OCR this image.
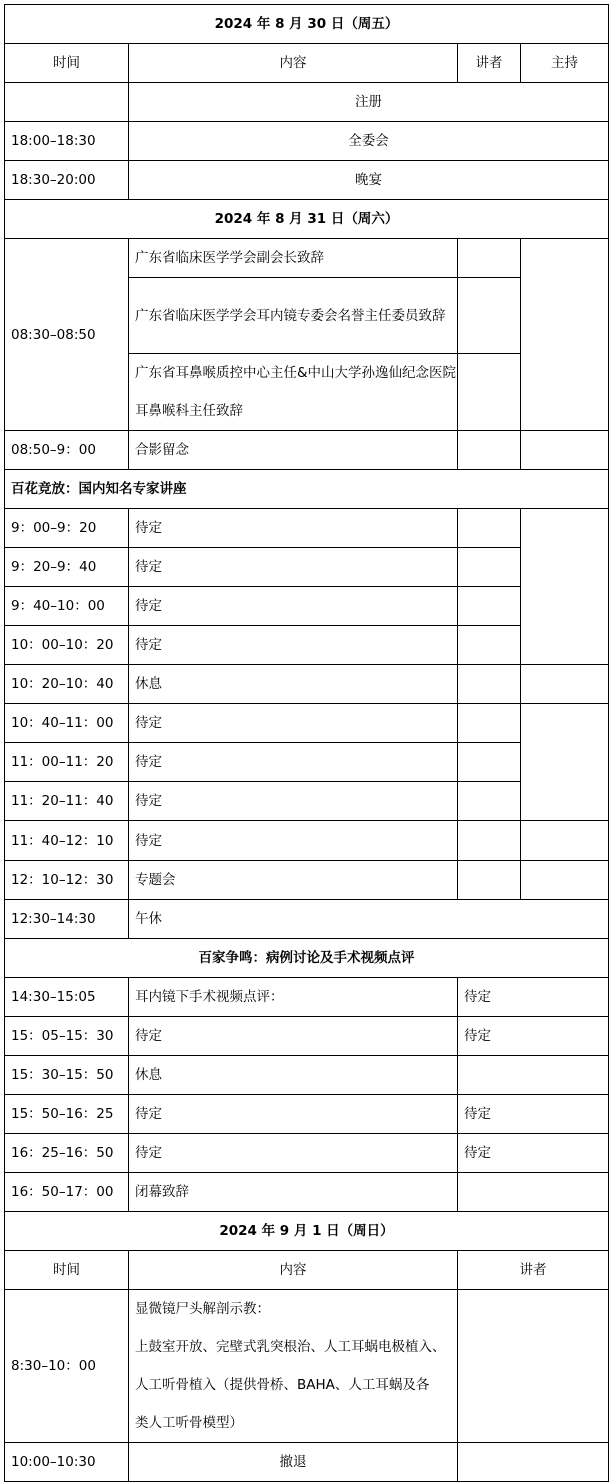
2024 年 8 月 30 日（周五）			
时间	内容	讲者	主持
	注册		
18:00–18:30	全委会		
18:30–20:00	晚宴		
2024 年 8 月 31 日（周六）			
08:30–08:50	广东省临床医学学会副会长致辞		
	广东省临床医学学会耳内镜专委会名誉主任委员致辞		

	广东省耳鼻喉质控中心主任&中山大学孙逸仙纪念医院耳鼻喉科主任致辞		

08:50–9：00	合影留念		
百花竞放：国内知名专家讲座			
9：00–9：20	待定		
9：20–9：40	待定		
9：40–10：00	待定		
10：00–10：20	待定		
10：20–10：40	休息		
10：40–11：00	待定		
11：00–11：20	待定		
11：20–11：40	待定		
11：40–12：10	待定		
12：10–12：30	专题会		
12:30–14:30	午休		
百家争鸣：病例讨论及手术视频点评			
14:30–15:05	耳内镜下手术视频点评：	待定	
15：05–15：30	待定	待定	
15：30–15：50	休息		
15：50–16：25	待定	待定	
16：25–16：50	待定	待定	
16：50–17：00	闭幕致辞		
2024 年 9 月 1 日（周日）			
时间	内容	讲者	
8:30–10：00	显微镜尸头解剖示教：
上鼓室开放、完壁式乳突根治、人工耳蜗电极植入、
人工听骨植入（提供骨桥、BAHA、人工耳蜗及各
类人工听骨模型）		

10:00–10:30	撤退		
